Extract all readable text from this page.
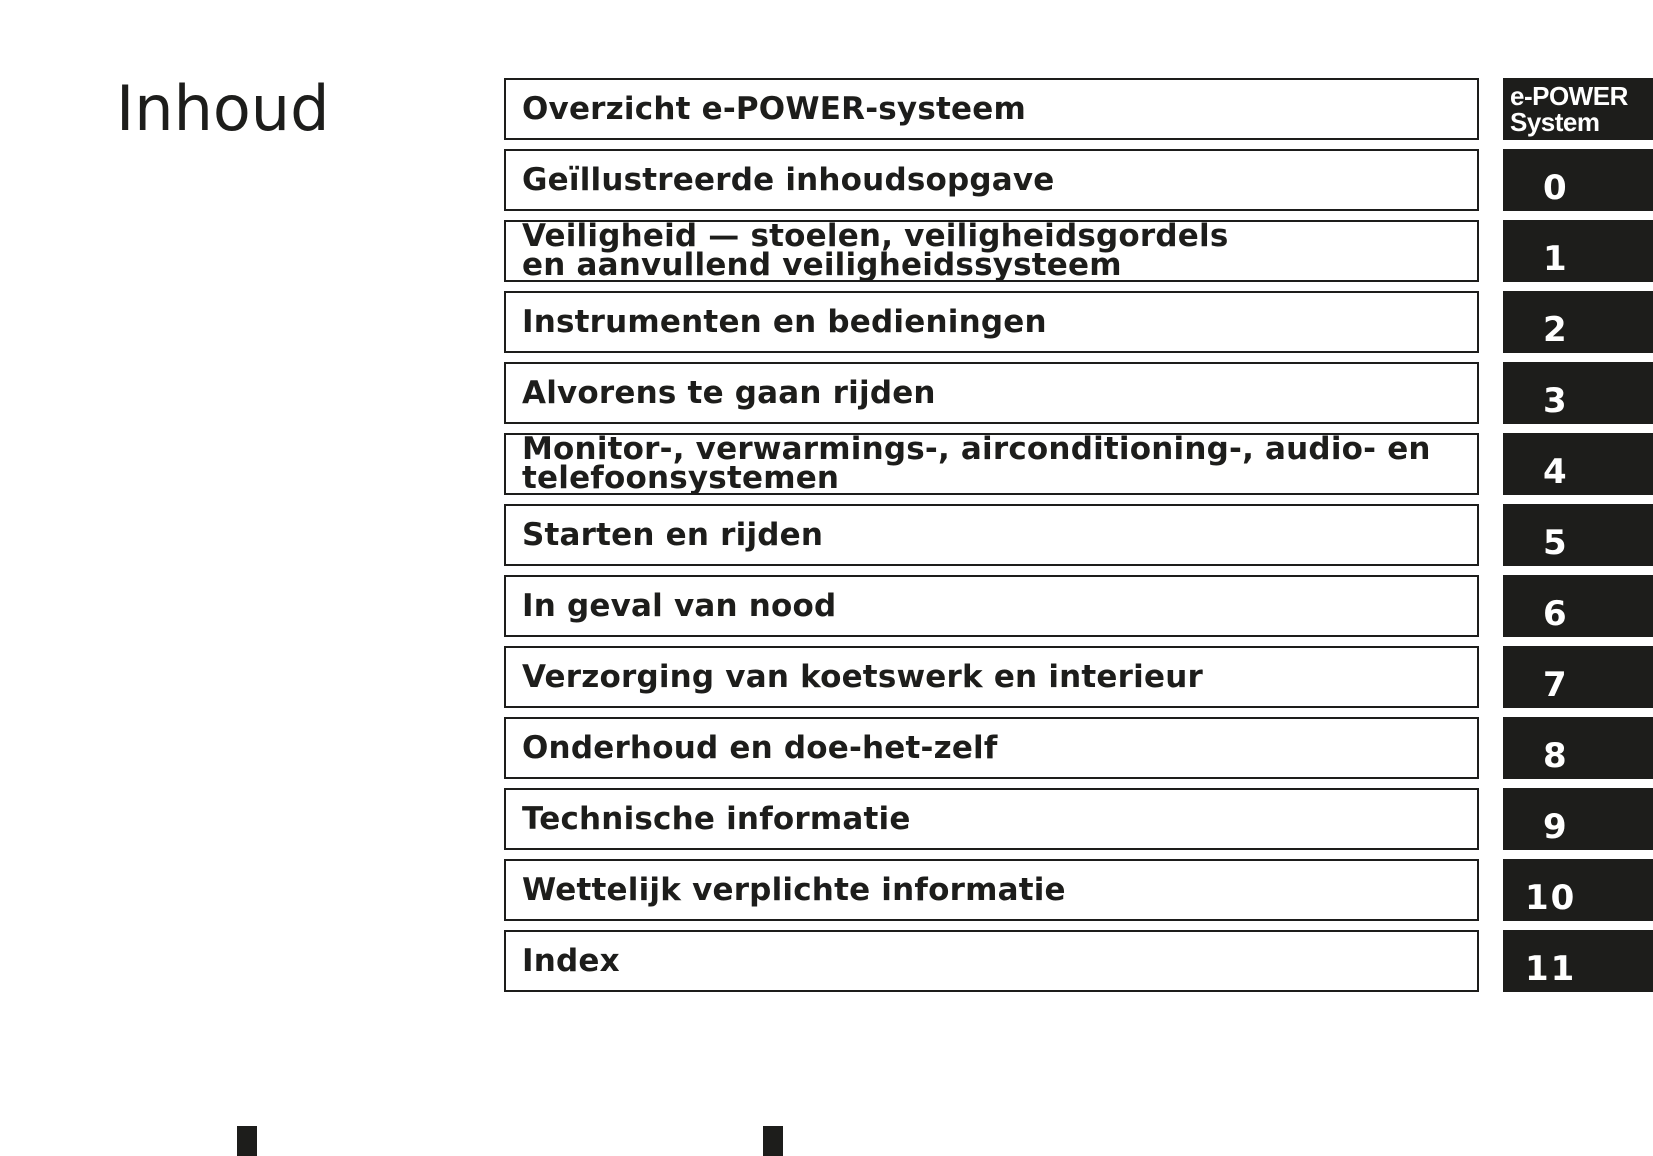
Inhoud	Overzicht e-POWER-systeem	e-POWER
System
Geïllustreerde inhoudsopgave	0
Veiligheid — stoelen, veiligheidsgordels en aanvullend veiligheidssysteem	1
Instrumenten en bedieningen	2
Alvorens te gaan rijden	3
Monitor-, verwarmings-, airconditioning-, audio- en telefoonsystemen	4
Starten en rijden	5
In geval van nood	6
Verzorging van koetswerk en interieur	7
Onderhoud en doe-het-zelf	8
Technische informatie	9
Wettelijk verplichte informatie	10
Index	11
